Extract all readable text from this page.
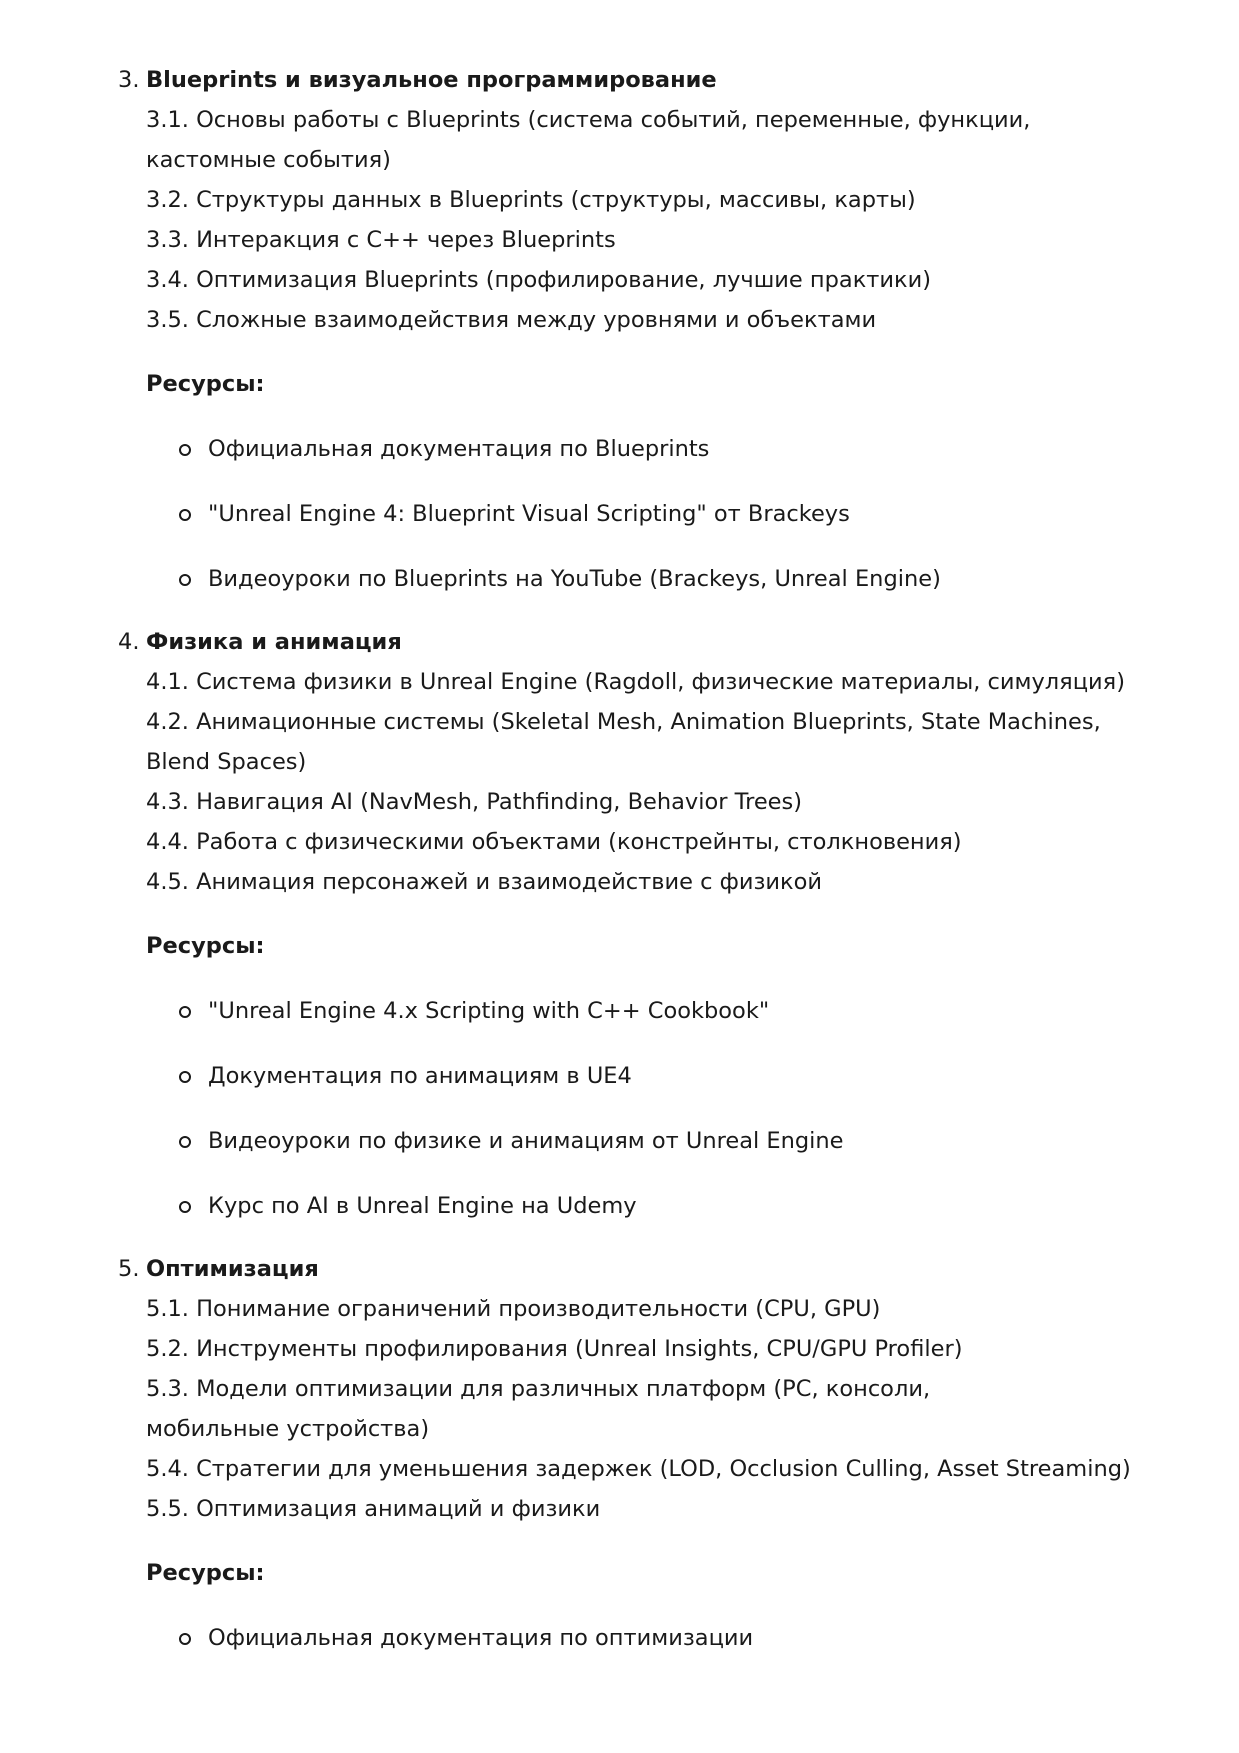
3. Blueprints и визуальное программирование
3.1. Основы работы с Blueprints (система событий, переменные, функции, кастомные события)
3.2. Структуры данных в Blueprints (структуры, массивы, карты)
3.3. Интеракция с C++ через Blueprints
3.4. Оптимизация Blueprints (профилирование, лучшие практики)
3.5. Сложные взаимодействия между уровнями и объектами
Ресурсы:
Официальная документация по Blueprints
"Unreal Engine 4: Blueprint Visual Scripting" от Brackeys
Видеоуроки по Blueprints на YouTube (Brackeys, Unreal Engine)
4. Физика и анимация
4.1. Система физики в Unreal Engine (Ragdoll, физические материалы, симуляция)
4.2. Анимационные системы (Skeletal Mesh, Animation Blueprints, State Machines, Blend Spaces)
4.3. Навигация AI (NavMesh, Pathfinding, Behavior Trees)
4.4. Работа с физическими объектами (констрейнты, столкновения)
4.5. Анимация персонажей и взаимодействие с физикой
Ресурсы:
"Unreal Engine 4.x Scripting with C++ Cookbook"
Документация по анимациям в UE4
Видеоуроки по физике и анимациям от Unreal Engine
Курс по AI в Unreal Engine на Udemy
5. Оптимизация
5.1. Понимание ограничений производительности (CPU, GPU)
5.2. Инструменты профилирования (Unreal Insights, CPU/GPU Profiler)
5.3. Модели оптимизации для различных платформ (PC, консоли, мобильные устройства)
5.4. Стратегии для уменьшения задержек (LOD, Occlusion Culling, Asset Streaming)
5.5. Оптимизация анимаций и физики
Ресурсы:
Официальная документация по оптимизации
